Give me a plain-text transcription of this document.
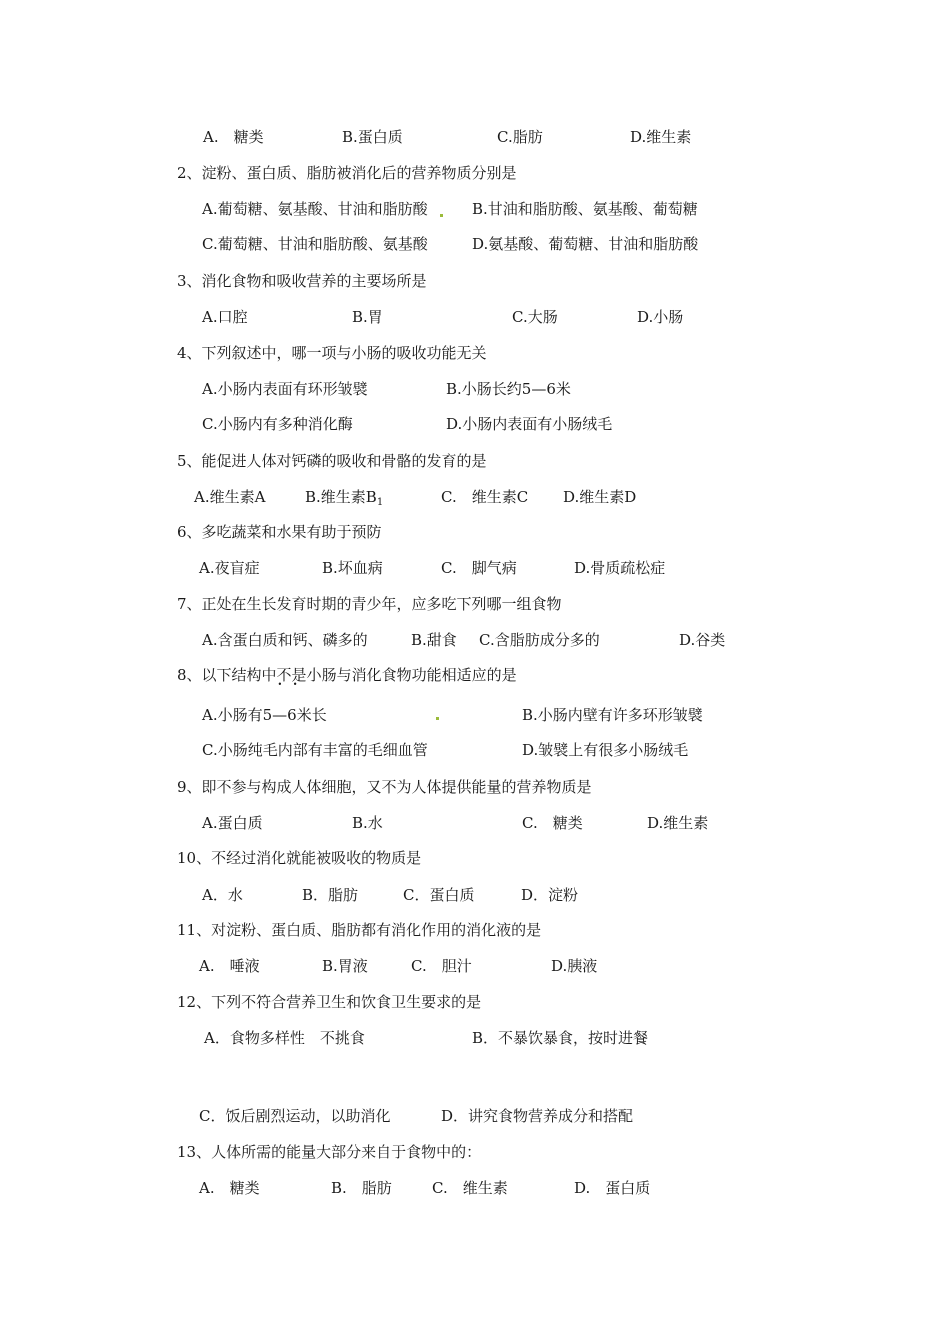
A.　糖类	B.蛋白质	C.脂肪	D.维生素
2、淀粉、蛋白质、脂肪被消化后的营养物质分别是
A.葡萄糖、氨基酸、甘油和脂肪酸	B.甘油和脂肪酸、氨基酸、葡萄糖
C.葡萄糖、甘油和脂肪酸、氨基酸	D.氨基酸、葡萄糖、甘油和脂肪酸
3、消化食物和吸收营养的主要场所是
A.口腔	B.胃	C.大肠	D.小肠
4、下列叙述中，哪一项与小肠的吸收功能无关
A.小肠内表面有环形皱襞	B.小肠长约5—6米
C.小肠内有多种消化酶	D.小肠内表面有小肠绒毛
5、能促进人体对钙磷的吸收和骨骼的发育的是
A.维生素A	B.维生素$B_1$	C.　维生素C D.维生素D
6、多吃蔬菜和水果有助于预防
A.夜盲症	B.坏血病	C.　脚气病	D.骨质疏松症
7、正处在生长发育时期的青少年，应多吃下列哪一组食物
A.含蛋白质和钙、磷多的	B.甜食 C.含脂肪成分多的	D.谷类
8、以下结构中不是 • •小肠与消化食物功能相适应的是
A.小肠有5—6米长	B.小肠内壁有许多环形皱襞
C.小肠纯毛内部有丰富的毛细血管	D.皱襞上有很多小肠绒毛
9、即不参与构成人体细胞，又不为人体提供能量的营养物质是
A.蛋白质	B.水	C.　糖类	D.维生素
10、不经过消化就能被吸收的物质是
A．水	B．脂肪	C．蛋白质	D．淀粉
11、对淀粉、蛋白质、脂肪都有消化作用的消化液的是
A.　唾液	B.胃液	C.　胆汁	D.胰液
12、下列不符合营养卫生和饮食卫生要求的是
A．食物多样性　不挑食	B．不暴饮暴食，按时进餐
C．饭后剧烈运动，以助消化	D．讲究食物营养成分和搭配
13、人体所需的能量大部分来自于食物中的：
A.　糖类	B.　脂肪	C.　维生素	D.　蛋白质
